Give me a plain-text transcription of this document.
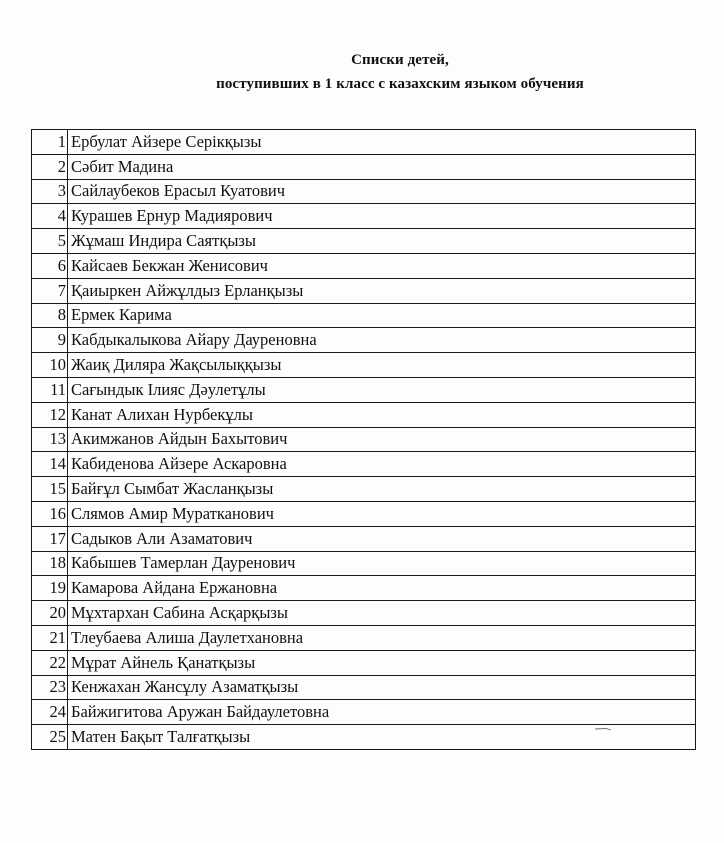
Списки детей,
поступивших в 1 класс с казахским языком обучения
1	Ербулат Айзере Серікқызы
2	Сәбит Мадина
3	Сайлаубеков Ерасыл Куатович
4	Курашев Ернур Мадиярович
5	Жұмаш Индира Саятқызы
6	Кайсаев Бекжан Женисович
7	Қаиыркен Айжұлдыз Ерланқызы
8	Ермек Карима
9	Кабдыкалыкова Айару Дауреновна
10	Жаиқ Диляра Жақсылыққызы
11	Сағындык Ілияс Дәулетұлы
12	Канат Алихан Нурбекұлы
13	Акимжанов Айдын Бахытович
14	Кабиденова Айзере Аскаровна
15	Байғұл Сымбат Жасланқызы
16	Слямов Амир Мураткан​ович
17	Садыков Али Азаматович
18	Кабышев Тамерлан Дауренович
19	Камарова Айдана Ержановна
20	Мұхтархан Сабина Асқарқызы
21	Тлеубаева Алиша Даулетхановна
22	Мұрат Айнель Қанатқызы
23	Кенжахан Жансұлу Азаматқызы
24	Байжигитова Аружан Байдаулетовна
25	Матен Бақыт Талғатқызы
